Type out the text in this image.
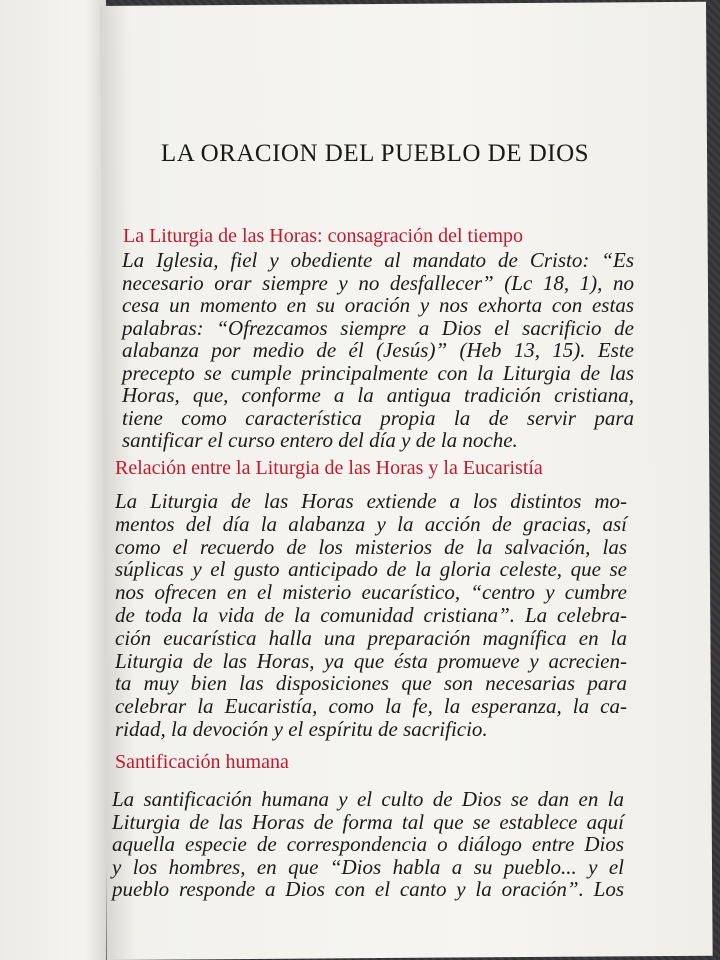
LA ORACION DEL PUEBLO DE DIOS
La Liturgia de las Horas: consagración del tiempo
La Iglesia, fiel y obediente al mandato de Cristo: “Es
necesario orar siempre y no desfallecer” (Lc 18, 1), no
cesa un momento en su oración y nos exhorta con estas
palabras: “Ofrezcamos siempre a Dios el sacrificio de
alabanza por medio de él (Jesús)” (Heb 13, 15). Este
precepto se cumple principalmente con la Liturgia de las
Horas, que, conforme a la antigua tradición cristiana,
tiene como característica propia la de servir para
santificar el curso entero del día y de la noche.
Relación entre la Liturgia de las Horas y la Eucaristía
La Liturgia de las Horas extiende a los distintos mo-
mentos del día la alabanza y la acción de gracias, así
como el recuerdo de los misterios de la salvación, las
súplicas y el gusto anticipado de la gloria celeste, que se
nos ofrecen en el misterio eucarístico, “centro y cumbre
de toda la vida de la comunidad cristiana”. La celebra-
ción eucarística halla una preparación magnífica en la
Liturgia de las Horas, ya que ésta promueve y acrecien-
ta muy bien las disposiciones que son necesarias para
celebrar la Eucaristía, como la fe, la esperanza, la ca-
ridad, la devoción y el espíritu de sacrificio.
Santificación humana
La santificación humana y el culto de Dios se dan en la
Liturgia de las Horas de forma tal que se establece aquí
aquella especie de correspondencia o diálogo entre Dios
y los hombres, en que “Dios habla a su pueblo... y el
pueblo responde a Dios con el canto y la oración”. Los
